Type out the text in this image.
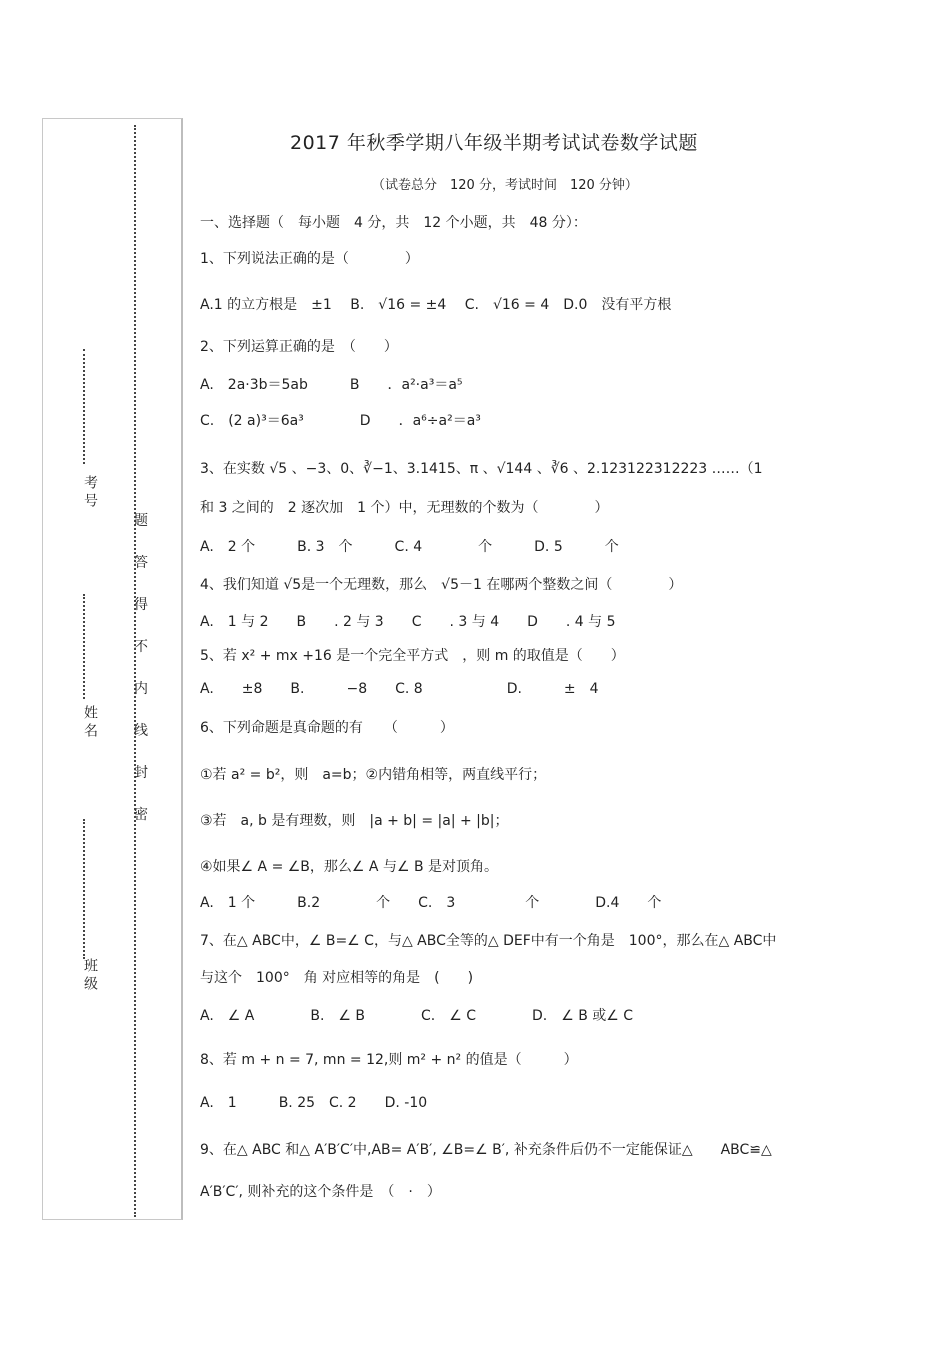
考号
姓名
班级
题
答
得
不
内
线
封
密
2017 年秋季学期八年级半期考试试卷数学试题
（试卷总分　120 分，考试时间　120 分钟）
一、选择题（　每小题　4 分，共　12 个小题，共　48 分）：
1、下列说法正确的是（　　　　）
A.1 的立方根是　±1　 B.　√16 = ±4　 C.　√16 = 4　D.0　没有平方根
2、下列运算正确的是　（　　）
A.　2a·3b＝5ab　　　B　　．a²·a³＝a⁵
C.　(2 a)³＝6a³　　　　D　　．a⁶÷a²＝a³
3、在实数 √5 、−3、0、∛−1、3.1415、π 、√144 、∛6 、2.123122312223 ……（1
和 3 之间的　2 逐次加　1 个）中，无理数的个数为（　　　　）
A.　2 个　　　B. 3　个　　　C. 4　　　　个　　　D. 5　　　个
4、我们知道 √5是一个无理数，那么　√5－1 在哪两个整数之间（　　　　）
A.　1 与 2　　B　　. 2 与 3　　C　　. 3 与 4　　D　　. 4 与 5
5、若 x² + mx +16 是一个完全平方式　，则 m 的取值是（　　）
A.　　±8　　B.　　　−8　　C. 8　　　　　　D.　　　±　4
6、下列命题是真命题的有　　（　　　）
①若 a² = b²，则　a=b；②内错角相等，两直线平行；
③若　a, b 是有理数，则　|a + b| = |a| + |b|；
④如果∠ A = ∠B，那么∠ A 与∠ B 是对顶角。
A.　1 个　　　B.2　　　　个　　C.　3　　　　　个　　　　D.4　　个
7、在△ ABC中，∠ B=∠ C，与△ ABC全等的△ DEF中有一个角是　100°，那么在△ ABC中
与这个　100°　角 对应相等的角是　(　　)
A.　∠ A　　　　B.　∠ B　　　　C.　∠ C　　　　D.　∠ B 或∠ C
8、若 m + n = 7, mn = 12,则 m² + n² 的值是（　　　）
A.　1　　　B. 25　C. 2　　D. -10
9、在△ ABC 和△ A′B′C′中,AB= A′B′, ∠B=∠ B′, 补充条件后仍不一定能保证△　　ABC≌△
A′B′C′, 则补充的这个条件是　（　·　）
